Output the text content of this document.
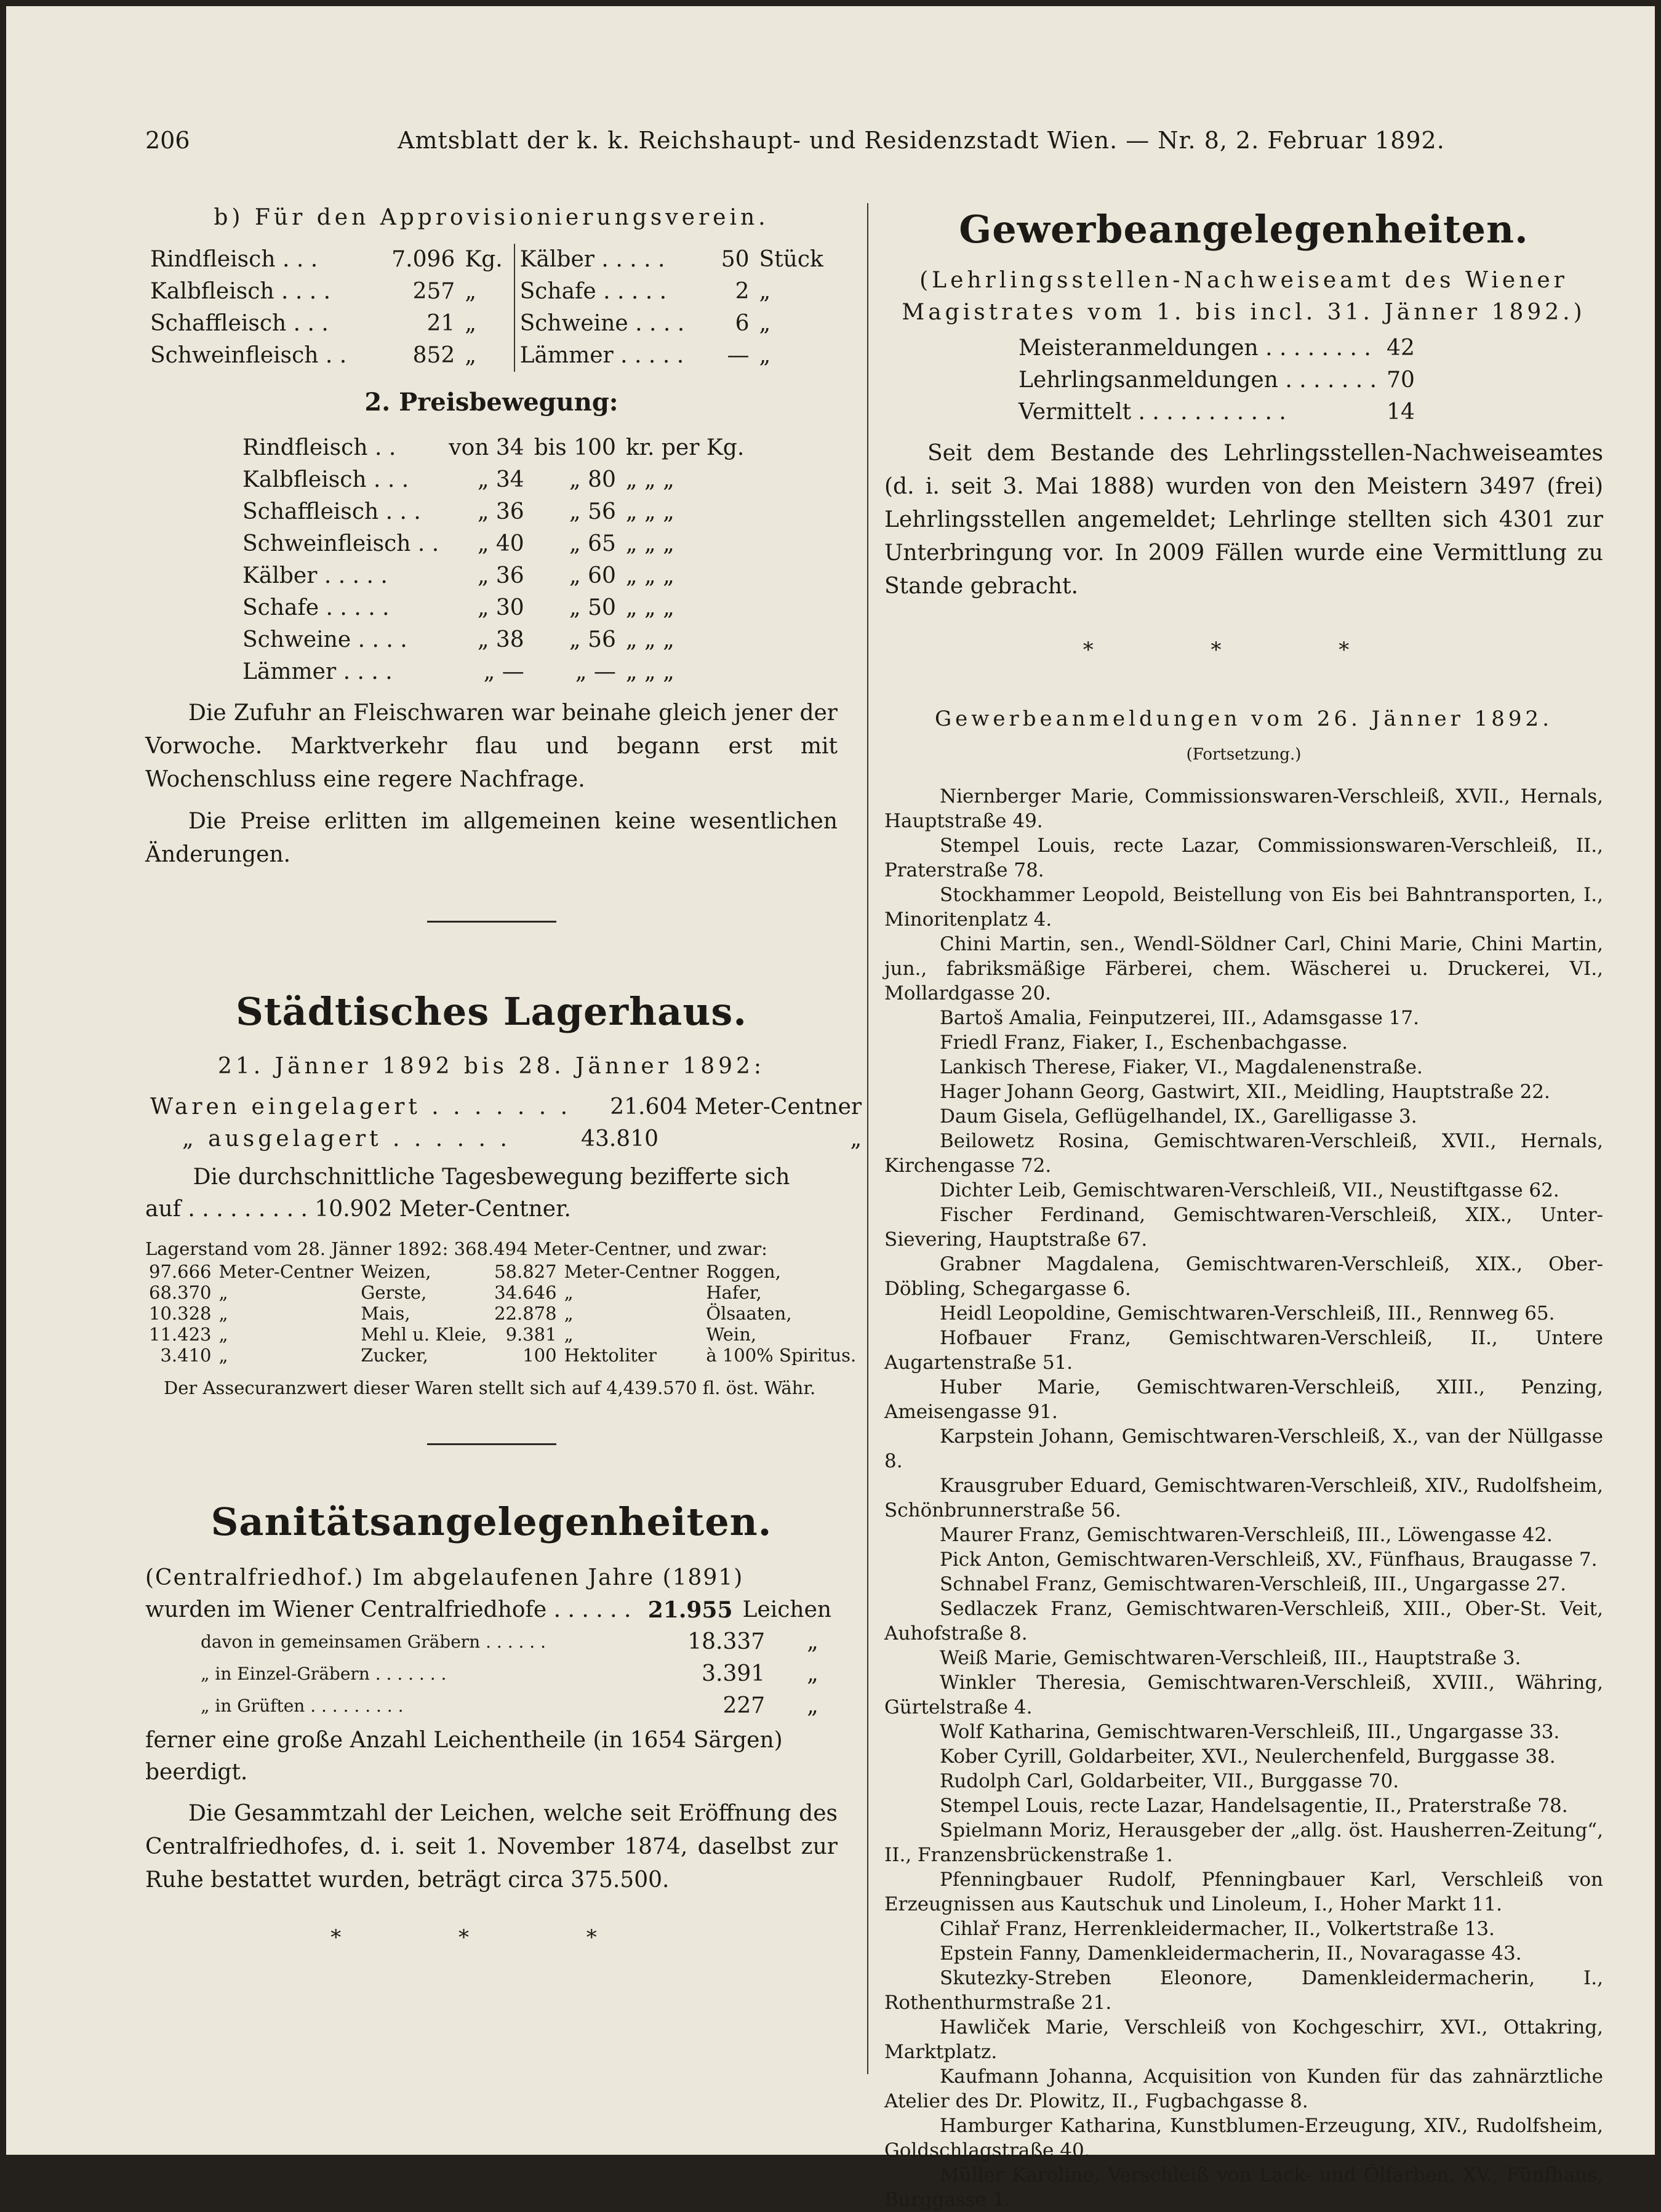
206	Amtsblatt der k. k. Reichshaupt- und Residenzstadt Wien. — Nr. 8, 2. Februar 1892.
b) Für den Approvisionierungsverein.
Rindfleisch . . .	7.096	Kg.	Kälber . . . . .	50	Stück
Kalbfleisch . . . .	257	„	Schafe . . . . .	2	„
Schaffleisch . . .	21	„	Schweine . . . .	6	„
Schweinfleisch . .	852	„	Lämmer . . . . .	—	„
2. Preisbewegung:
Rindfleisch . .	von 34	bis 100	kr. per Kg.
Kalbfleisch . . .	„ 34	„ 80	„ „ „
Schaffleisch . . .	„ 36	„ 56	„ „ „
Schweinfleisch . .	„ 40	„ 65	„ „ „
Kälber . . . . .	„ 36	„ 60	„ „ „
Schafe . . . . .	„ 30	„ 50	„ „ „
Schweine . . . .	„ 38	„ 56	„ „ „
Lämmer . . . .	„ —	„ —	„ „ „

Die Zufuhr an Fleischwaren war beinahe gleich jener der Vorwoche. Marktverkehr flau und begann erst mit Wochenschluss eine regere Nachfrage.

Die Preise erlitten im allgemeinen keine wesentlichen Änderungen.

Städtisches Lagerhaus.
21. Jänner 1892 bis 28. Jänner 1892:
Waren eingelagert . . . . . . .	21.604 Meter-Centner
„ ausgelagert . . . . . .	43.810 „
Die durchschnittliche Tagesbewegung bezifferte sich
auf . . . . . . . . . 10.902 Meter-Centner.
Lagerstand vom 28. Jänner 1892: 368.494 Meter-Centner, und zwar:
97.666	Meter-Centner	Weizen,	58.827	Meter-Centner	Roggen,
68.370	„	Gerste,	34.646	„	Hafer,
10.328	„	Mais,	22.878	„	Ölsaaten,
11.423	„	Mehl u. Kleie,	9.381	„	Wein,
3.410	„	Zucker,	100	Hektoliter	à 100% Spiritus.
Der Assecuranzwert dieser Waren stellt sich auf 4,439.570 fl. öst. Währ.
Sanitätsangelegenheiten.
(Centralfriedhof.) Im abgelaufenen Jahre (1891)
wurden im Wiener Centralfriedhofe . . . . . .	21.955	Leichen
davon in gemeinsamen Gräbern . . . . . .	18.337	„
„ in Einzel-Gräbern . . . . . . .	3.391	„
„ in Grüften . . . . . . . . .	227	„
ferner eine große Anzahl Leichentheile (in 1654 Särgen) beerdigt.

Die Gesammtzahl der Leichen, welche seit Eröffnung des Centralfriedhofes, d. i. seit 1. November 1874, daselbst zur Ruhe bestattet wurden, beträgt circa 375.500.

* * *
Gewerbeangelegenheiten.
(Lehrlingsstellen-Nachweiseamt des Wiener Magistrates vom 1. bis incl. 31. Jänner 1892.)
Meisteranmeldungen . . . . . . . .	42
Lehrlingsanmeldungen . . . . . . .	70
Vermittelt . . . . . . . . . . .	14

Seit dem Bestande des Lehrlingsstellen-Nachweiseamtes (d. i. seit 3. Mai 1888) wurden von den Meistern 3497 (frei) Lehrlingsstellen angemeldet; Lehrlinge stellten sich 4301 zur Unterbringung vor. In 2009 Fällen wurde eine Vermittlung zu Stande gebracht.

* * *
Gewerbeanmeldungen vom 26. Jänner 1892.
(Fortsetzung.)

Niernberger Marie, Commissionswaren-Verschleiß, XVII., Hernals, Hauptstraße 49.

Stempel Louis, recte Lazar, Commissionswaren-Verschleiß, II., Praterstraße 78.

Stockhammer Leopold, Beistellung von Eis bei Bahntransporten, I., Minoritenplatz 4.

Chini Martin, sen., Wendl-Söldner Carl, Chini Marie, Chini Martin, jun., fabriksmäßige Färberei, chem. Wäscherei u. Druckerei, VI., Mollardgasse 20.

Bartoš Amalia, Feinputzerei, III., Adamsgasse 17.

Friedl Franz, Fiaker, I., Eschenbachgasse.

Lankisch Therese, Fiaker, VI., Magdalenenstraße.

Hager Johann Georg, Gastwirt, XII., Meidling, Hauptstraße 22.

Daum Gisela, Geflügelhandel, IX., Garelligasse 3.

Beilowetz Rosina, Gemischtwaren-Verschleiß, XVII., Hernals, Kirchengasse 72.

Dichter Leib, Gemischtwaren-Verschleiß, VII., Neustiftgasse 62.

Fischer Ferdinand, Gemischtwaren-Verschleiß, XIX., Unter-Sievering, Hauptstraße 67.

Grabner Magdalena, Gemischtwaren-Verschleiß, XIX., Ober-Döbling, Schegargasse 6.

Heidl Leopoldine, Gemischtwaren-Verschleiß, III., Rennweg 65.

Hofbauer Franz, Gemischtwaren-Verschleiß, II., Untere Augartenstraße 51.

Huber Marie, Gemischtwaren-Verschleiß, XIII., Penzing, Ameisengasse 91.

Karpstein Johann, Gemischtwaren-Verschleiß, X., van der Nüllgasse 8.

Krausgruber Eduard, Gemischtwaren-Verschleiß, XIV., Rudolfsheim, Schönbrunnerstraße 56.

Maurer Franz, Gemischtwaren-Verschleiß, III., Löwengasse 42.

Pick Anton, Gemischtwaren-Verschleiß, XV., Fünfhaus, Braugasse 7.

Schnabel Franz, Gemischtwaren-Verschleiß, III., Ungargasse 27.

Sedlaczek Franz, Gemischtwaren-Verschleiß, XIII., Ober-St. Veit, Auhofstraße 8.

Weiß Marie, Gemischtwaren-Verschleiß, III., Hauptstraße 3.

Winkler Theresia, Gemischtwaren-Verschleiß, XVIII., Währing, Gürtelstraße 4.

Wolf Katharina, Gemischtwaren-Verschleiß, III., Ungargasse 33.

Kober Cyrill, Goldarbeiter, XVI., Neulerchenfeld, Burggasse 38.

Rudolph Carl, Goldarbeiter, VII., Burggasse 70.

Stempel Louis, recte Lazar, Handelsagentie, II., Praterstraße 78.

Spielmann Moriz, Herausgeber der „allg. öst. Hausherren-Zeitung“, II., Franzensbrückenstraße 1.

Pfenningbauer Rudolf, Pfenningbauer Karl, Verschleiß von Erzeugnissen aus Kautschuk und Linoleum, I., Hoher Markt 11.

Cihlař Franz, Herrenkleidermacher, II., Volkertstraße 13.

Epstein Fanny, Damenkleidermacherin, II., Novaragasse 43.

Skutezky-Streben Eleonore, Damenkleidermacherin, I., Rothenthurmstraße 21.

Hawliček Marie, Verschleiß von Kochgeschirr, XVI., Ottakring, Marktplatz.

Kaufmann Johanna, Acquisition von Kunden für das zahnärztliche Atelier des Dr. Plowitz, II., Fugbachgasse 8.

Hamburger Katharina, Kunstblumen-Erzeugung, XIV., Rudolfsheim, Goldschlagstraße 40.

Müller Karoline, Verschleiß von Lack- und Ölfarben, XV., Fünfhaus, Burggasse 1.
